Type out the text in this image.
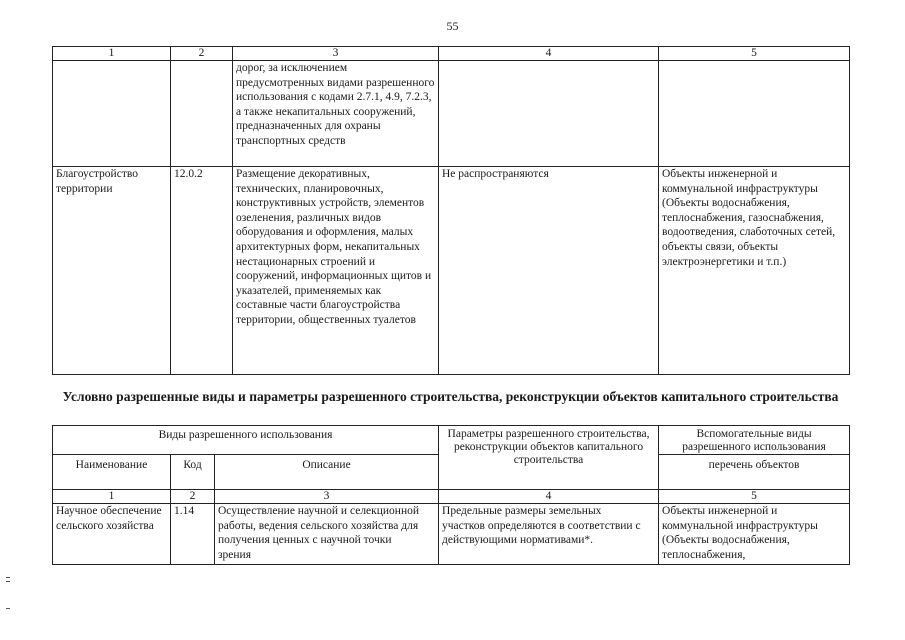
55
1	2	3	4	5
		дорог, за исключением предусмотренных видами разрешенного использования с кодами 2.7.1, 4.9, 7.2.3, а также некапитальных сооружений, предназначенных для охраны транспортных средств		
Благоустройство территории	12.0.2	Размещение декоративных, технических, планировочных, конструктивных устройств, элементов озеленения, различных видов оборудования и оформления, малых архитектурных форм, некапитальных нестационарных строений и сооружений, информационных щитов и указателей, применяемых как составные части благоустройства территории, общественных туалетов	Не распространяются	Объекты инженерной и коммунальной инфраструктуры (Объекты водоснабжения, теплоснабжения, газоснабжения, водоотведения, слаботочных сетей, объекты связи, объекты электроэнергетики и т.п.)
Условно разрешенные виды и параметры разрешенного строительства, реконструкции объектов капитального строительства
Виды разрешенного использования			Параметры разрешенного строительства, реконструкции объектов капитального строительства	Вспомогательные виды разрешенного использования
Наименование	Код	Описание		перечень объектов
1	2	3	4	5
Научное обеспечение сельского хозяйства	1.14	Осуществление научной и селекционной работы, ведения сельского хозяйства для получения ценных с научной точки зрения	Предельные размеры земельных участков определяются в соответствии с действующими нормативами*.	Объекты инженерной и коммунальной инфраструктуры (Объекты водоснабжения, теплоснабжения,
